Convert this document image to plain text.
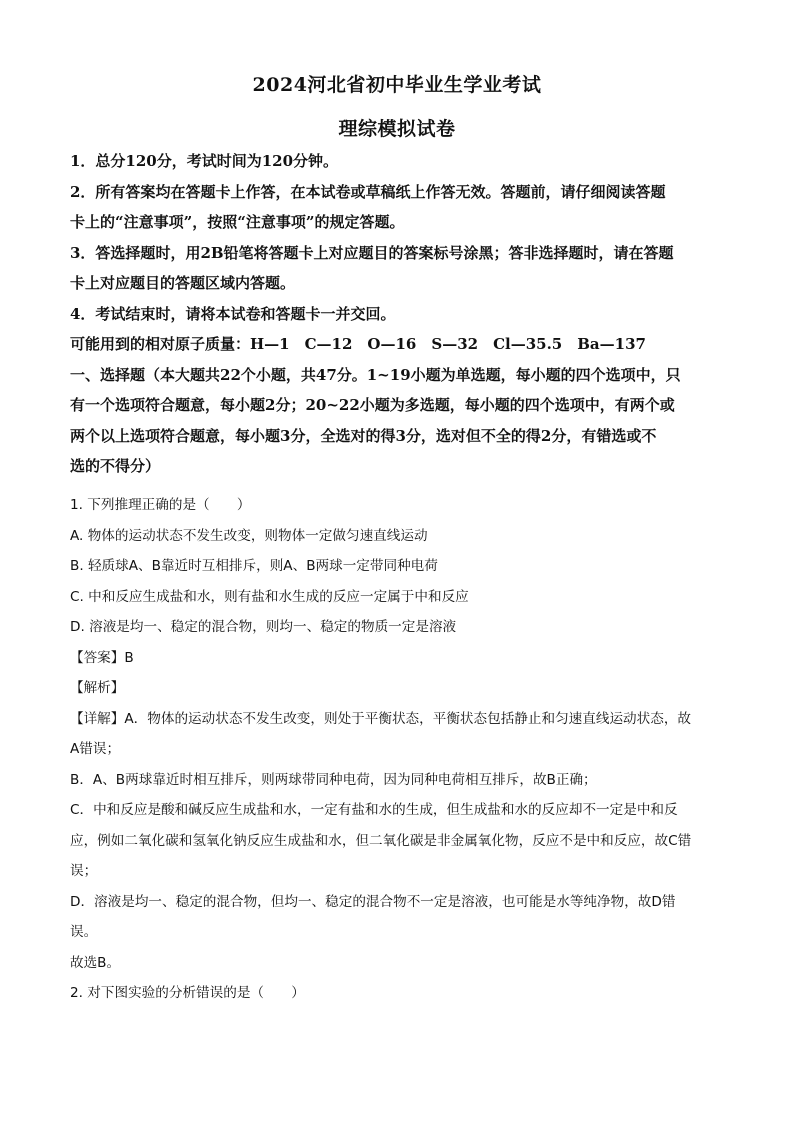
2024河北省初中毕业生学业考试
理综模拟试卷
1．总分120分，考试时间为120分钟。
2．所有答案均在答题卡上作答，在本试卷或草稿纸上作答无效。答题前，请仔细阅读答题
卡上的“注意事项”，按照“注意事项”的规定答题。
3．答选择题时，用2B铅笔将答题卡上对应题目的答案标号涂黑；答非选择题时，请在答题
卡上对应题目的答题区域内答题。
4．考试结束时，请将本试卷和答题卡一并交回。
可能用到的相对原子质量：H—1　C—12　O—16　S—32　Cl—35.5　Ba—137
一、选择题（本大题共22个小题，共47分。1~19小题为单选题，每小题的四个选项中，只
有一个选项符合题意，每小题2分；20~22小题为多选题，每小题的四个选项中，有两个或
两个以上选项符合题意，每小题3分，全选对的得3分，选对但不全的得2分，有错选或不
选的不得分）
1. 下列推理正确的是（　　）
A. 物体的运动状态不发生改变，则物体一定做匀速直线运动
B. 轻质球A、B靠近时互相排斥，则A、B两球一定带同种电荷
C. 中和反应生成盐和水，则有盐和水生成的反应一定属于中和反应
D. 溶液是均一、稳定的混合物，则均一、稳定的物质一定是溶液
【答案】B
【解析】
【详解】A．物体的运动状态不发生改变，则处于平衡状态，平衡状态包括静止和匀速直线运动状态，故
A错误；
B．A、B两球靠近时相互排斥，则两球带同种电荷，因为同种电荷相互排斥，故B正确；
C．中和反应是酸和碱反应生成盐和水，一定有盐和水的生成，但生成盐和水的反应却不一定是中和反
应，例如二氧化碳和氢氧化钠反应生成盐和水，但二氧化碳是非金属氧化物，反应不是中和反应，故C错
误；
D．溶液是均一、稳定的混合物，但均一、稳定的混合物不一定是溶液，也可能是水等纯净物，故D错
误。
故选B。
2. 对下图实验的分析错误的是（　　）
